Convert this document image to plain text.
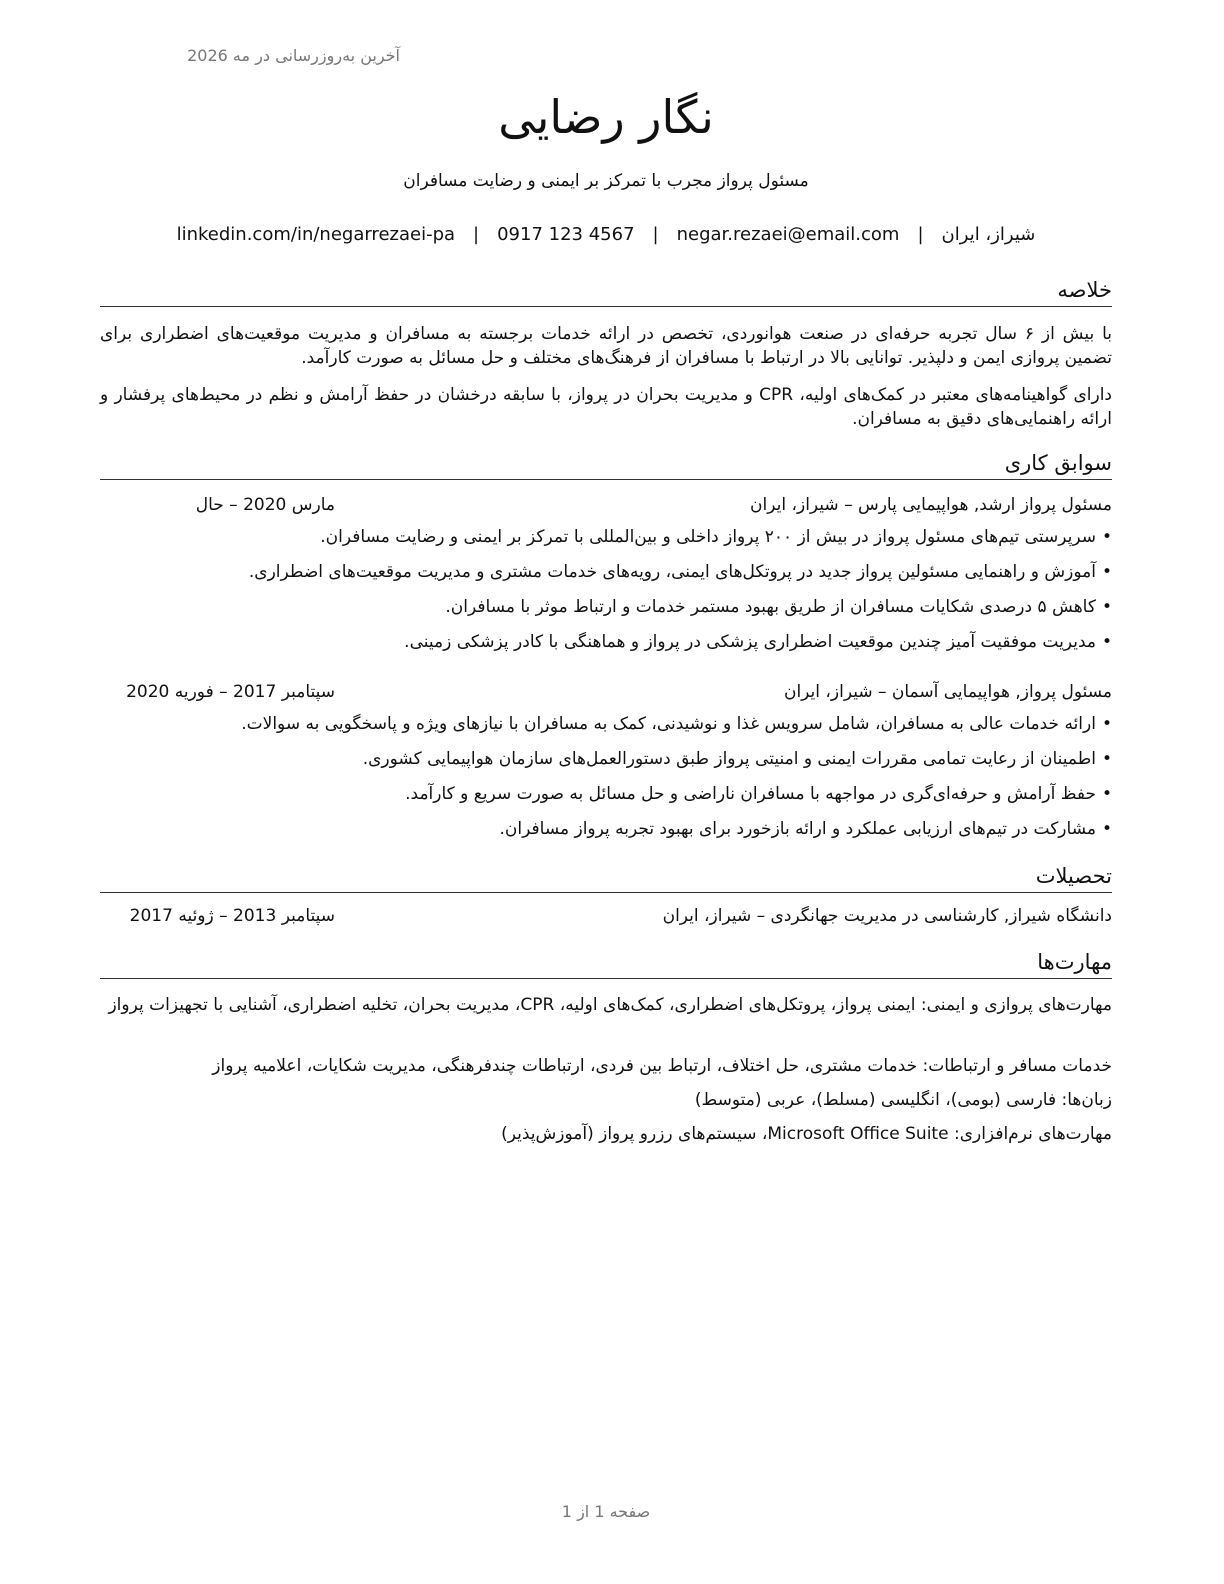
آخرین به‌روزرسانی در مه 2026
نگار رضایی
مسئول پرواز مجرب با تمرکز بر ایمنی و رضایت مسافران
شیراز، ایران|negar.rezaei@email.com|0917 123 4567|linkedin.com/in/negarrezaei-pa
خلاصه

با بیش از ۶ سال تجربه حرفه‌ای در صنعت هوانوردی، تخصص در ارائه خدمات برجسته به مسافران و مدیریت موقعیت‌های اضطراری برای تضمین پروازی ایمن و دلپذیر. توانایی بالا در ارتباط با مسافران از فرهنگ‌های مختلف و حل مسائل به صورت کارآمد.

دارای گواهینامه‌های معتبر در کمک‌های اولیه، CPR و مدیریت بحران در پرواز، با سابقه درخشان در حفظ آرامش و نظم در محیط‌های پرفشار و ارائه راهنمایی‌های دقیق به مسافران.

سوابق کاری
مسئول پرواز ارشد, هواپیمایی پارس – شیراز، ایران
مارس 2020 – حال
•سرپرستی تیم‌های مسئول پرواز در بیش از ۲۰۰ پرواز داخلی و بین‌المللی با تمرکز بر ایمنی و رضایت مسافران.
•آموزش و راهنمایی مسئولین پرواز جدید در پروتکل‌های ایمنی، رویه‌های خدمات مشتری و مدیریت موقعیت‌های اضطراری.
•کاهش ۵ درصدی شکایات مسافران از طریق بهبود مستمر خدمات و ارتباط موثر با مسافران.
•مدیریت موفقیت آمیز چندین موقعیت اضطراری پزشکی در پرواز و هماهنگی با کادر پزشکی زمینی.
مسئول پرواز, هواپیمایی آسمان – شیراز، ایران
سپتامبر 2017 – فوریه 2020
•ارائه خدمات عالی به مسافران، شامل سرویس غذا و نوشیدنی، کمک به مسافران با نیازهای ویژه و پاسخگویی به سوالات.
•اطمینان از رعایت تمامی مقررات ایمنی و امنیتی پرواز طبق دستورالعمل‌های سازمان هواپیمایی کشوری.
•حفظ آرامش و حرفه‌ای‌گری در مواجهه با مسافران ناراضی و حل مسائل به صورت سریع و کارآمد.
•مشارکت در تیم‌های ارزیابی عملکرد و ارائه بازخورد برای بهبود تجربه پرواز مسافران.
تحصیلات
دانشگاه شیراز, کارشناسی در مدیریت جهانگردی – شیراز، ایران
سپتامبر 2013 – ژوئیه 2017
مهارت‌ها

مهارت‌های پروازی و ایمنی: ایمنی پرواز، پروتکل‌های اضطراری، کمک‌های اولیه، CPR، مدیریت بحران، تخلیه اضطراری، آشنایی با تجهیزات پرواز

خدمات مسافر و ارتباطات: خدمات مشتری، حل اختلاف، ارتباط بین فردی، ارتباطات چندفرهنگی، مدیریت شکایات، اعلامیه پرواز

زبان‌ها: فارسی (بومی)، انگلیسی (مسلط)، عربی (متوسط)

مهارت‌های نرم‌افزاری: Microsoft Office Suite، سیستم‌های رزرو پرواز (آموزش‌پذیر)

صفحه 1 از 1
